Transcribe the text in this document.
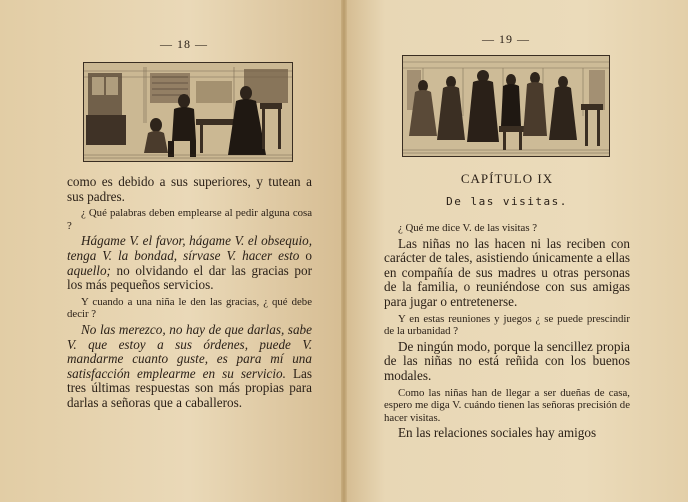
— 18 —

como es debido a sus superiores, y tutean a sus padres.

¿ Qué palabras deben emplearse al pedir alguna cosa ?

Hágame V. el favor, hágame V. el obsequio, tenga V. la bondad, sírvase V. hacer esto o aquello; no olvidando el dar las gracias por los más pequeños servicios.

Y cuando a una niña le den las gracias, ¿ qué debe decir ?

No las merezco, no hay de que darlas, sabe V. que estoy a sus órdenes, puede V. mandarme cuanto guste, es para mí una satisfacción emplearme en su servicio. Las tres últimas respuestas son más propias para darlas a señoras que a caballeros.

— 19 —
CAPÍTULO IX
De las visitas.

¿ Qué me dice V. de las visitas ?

Las niñas no las hacen ni las reciben con carácter de tales, asistiendo únicamente a ellas en compañía de sus madres u otras personas de la familia, o reuniéndose con sus amigas para jugar o entretenerse.

Y en estas reuniones y juegos ¿ se puede prescindir de la urbanidad ?

De ningún modo, porque la sencillez propia de las niñas no está reñida con los buenos modales.

Como las niñas han de llegar a ser dueñas de casa, espero me diga V. cuándo tienen las señoras precisión de hacer visitas.

En las relaciones sociales hay amigos
